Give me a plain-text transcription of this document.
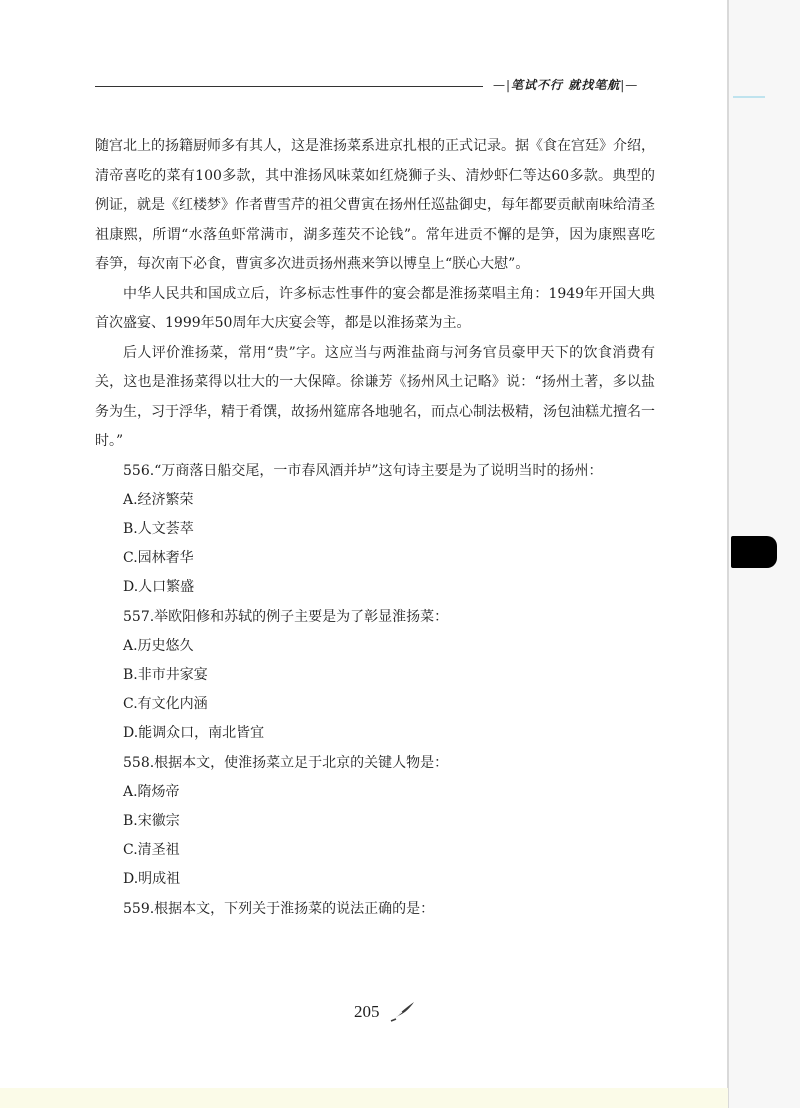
—|笔试不行 就找笔航|—

随宫北上的扬籍厨师多有其人，这是淮扬菜系进京扎根的正式记录。据《食在宫廷》介绍，清帝喜吃的菜有100多款，其中淮扬风味菜如红烧狮子头、清炒虾仁等达60多款。典型的例证，就是《红楼梦》作者曹雪芹的祖父曹寅在扬州任巡盐御史，每年都要贡献南味给清圣祖康熙，所谓“水落鱼虾常满市，湖多莲芡不论钱”。常年进贡不懈的是笋，因为康熙喜吃春笋，每次南下必食，曹寅多次进贡扬州燕来笋以博皇上“朕心大慰”。

中华人民共和国成立后，许多标志性事件的宴会都是淮扬菜唱主角：1949年开国大典首次盛宴、1999年50周年大庆宴会等，都是以淮扬菜为主。

后人评价淮扬菜，常用“贵”字。这应当与两淮盐商与河务官员豪甲天下的饮食消费有关，这也是淮扬菜得以壮大的一大保障。徐谦芳《扬州风土记略》说：“扬州土著，多以盐务为生，习于浮华，精于肴馔，故扬州筵席各地驰名，而点心制法极精，汤包油糕尤擅名一时。”

556.“万商落日船交尾，一市春风酒并垆”这句诗主要是为了说明当时的扬州：
A.经济繁荣
B.人文荟萃
C.园林奢华
D.人口繁盛
557.举欧阳修和苏轼的例子主要是为了彰显淮扬菜：
A.历史悠久
B.非市井家宴
C.有文化内涵
D.能调众口，南北皆宜
558.根据本文，使淮扬菜立足于北京的关键人物是：
A.隋炀帝
B.宋徽宗
C.清圣祖
D.明成祖
559.根据本文，下列关于淮扬菜的说法正确的是：
205
